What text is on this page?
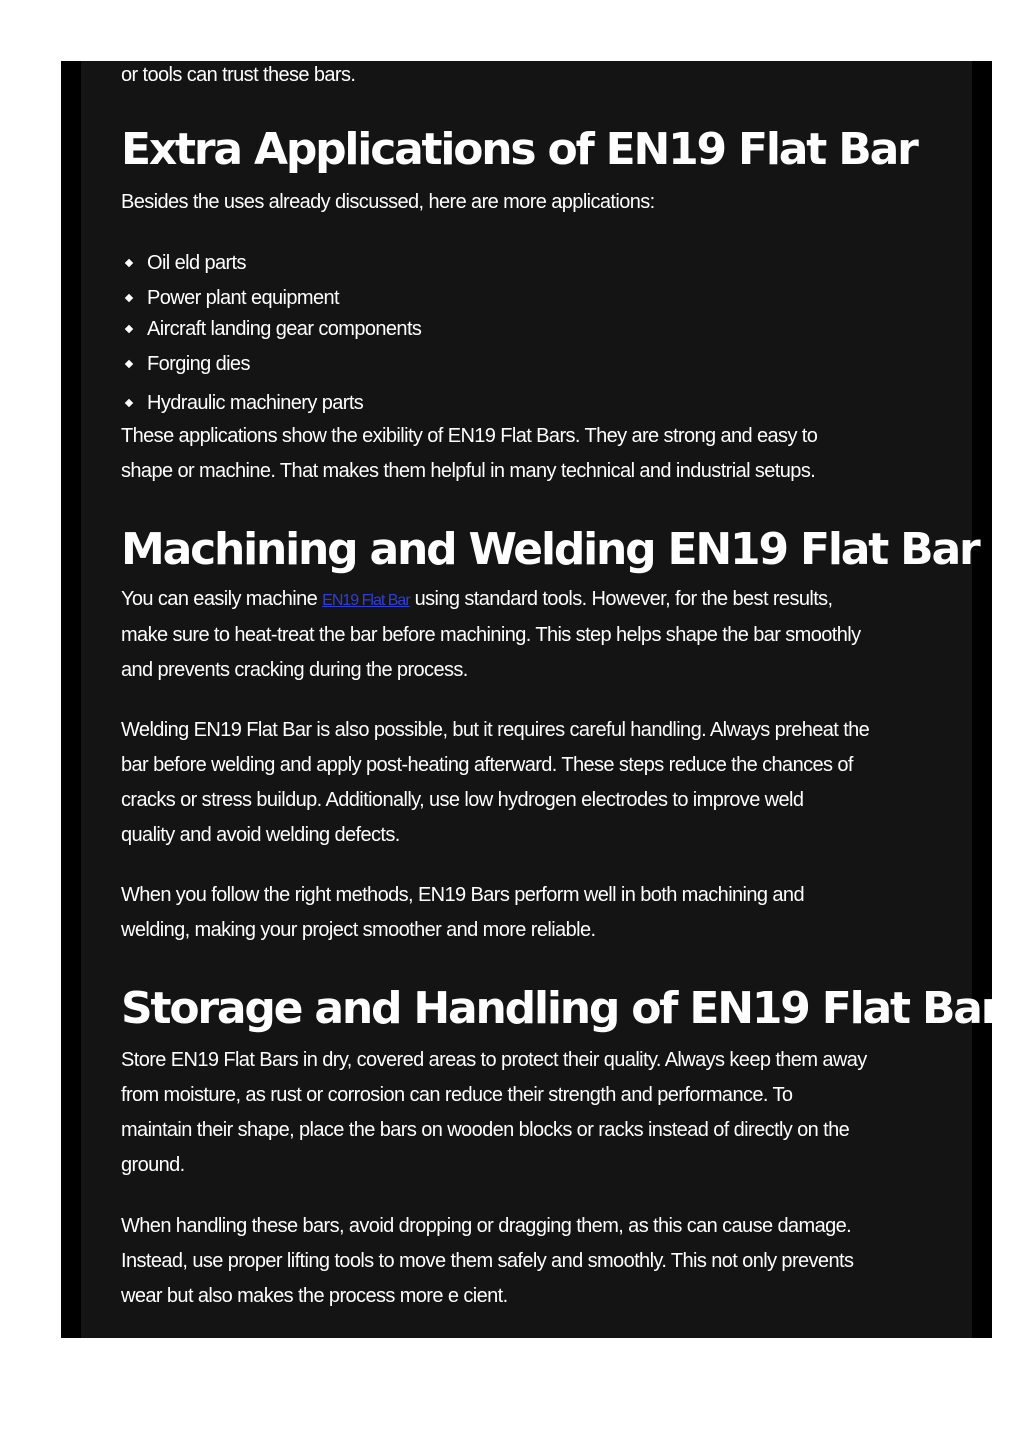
or tools can trust these bars.

Extra Applications of EN19 Flat Bar

Besides the uses already discussed, here are more applications:

Oil eld parts
Power plant equipment
Aircraft landing gear components
Forging dies
Hydraulic machinery parts

These applications show the exibility of EN19 Flat Bars. They are strong and easy to

shape or machine. That makes them helpful in many technical and industrial setups.

Machining and Welding EN19 Flat Bar

You can easily machine EN19 Flat Bar using standard tools. However, for the best results,

make sure to heat-treat the bar before machining. This step helps shape the bar smoothly

and prevents cracking during the process.

Welding EN19 Flat Bar is also possible, but it requires careful handling. Always preheat the

bar before welding and apply post-heating afterward. These steps reduce the chances of

cracks or stress buildup. Additionally, use low hydrogen electrodes to improve weld

quality and avoid welding defects.

When you follow the right methods, EN19 Bars perform well in both machining and

welding, making your project smoother and more reliable.

Storage and Handling of EN19 Flat Bar

Store EN19 Flat Bars in dry, covered areas to protect their quality. Always keep them away

from moisture, as rust or corrosion can reduce their strength and performance. To

maintain their shape, place the bars on wooden blocks or racks instead of directly on the

ground.

When handling these bars, avoid dropping or dragging them, as this can cause damage.

Instead, use proper lifting tools to move them safely and smoothly. This not only prevents

wear but also makes the process more e cient.
